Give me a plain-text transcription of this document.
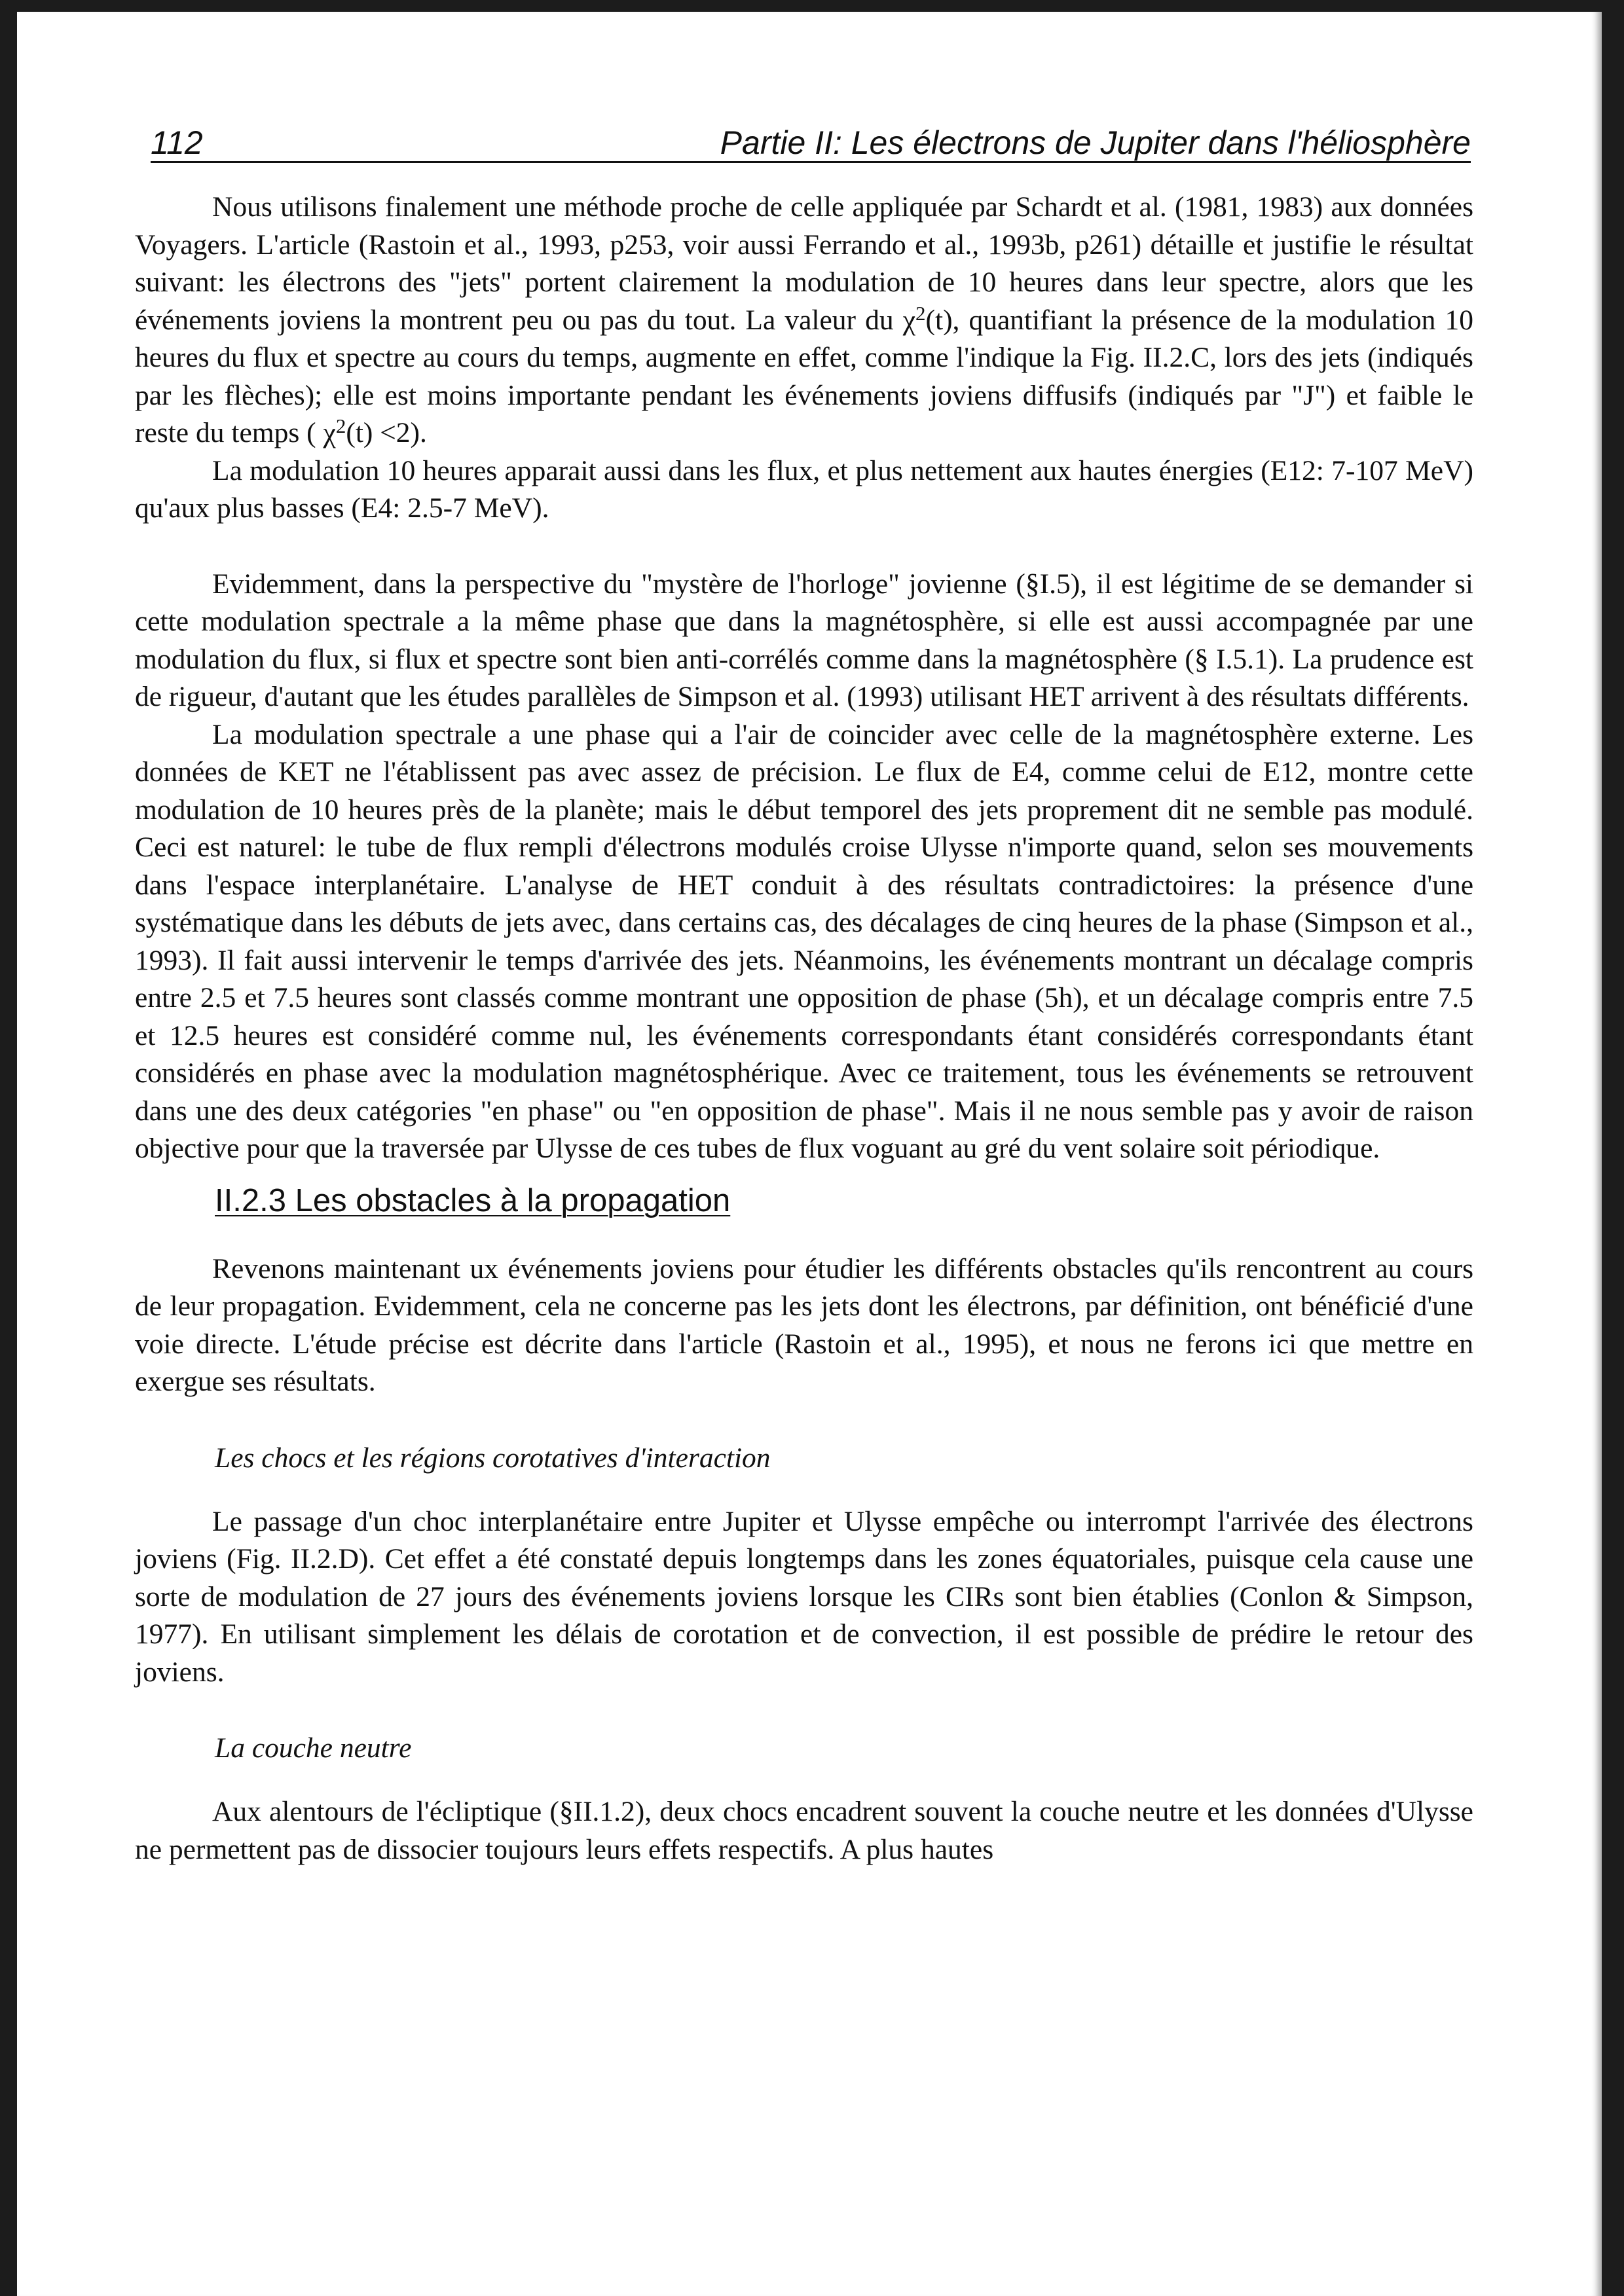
112	Partie II: Les électrons de Jupiter dans l'héliosphère

Nous utilisons finalement une méthode proche de celle appliquée par Schardt et al. (1981, 1983) aux données Voyagers. L'article (Rastoin et al., 1993, p253, voir aussi Ferrando et al., 1993b, p261) détaille et justifie le résultat suivant: les électrons des "jets" portent clairement la modulation de 10 heures dans leur spectre, alors que les événements joviens la montrent peu ou pas du tout. La valeur du $\chi^2(t)$, quantifiant la présence de la modulation 10 heures du flux et spectre au cours du temps, augmente en effet, comme l'indique la Fig. II.2.C, lors des jets (indiqués par les flèches); elle est moins importante pendant les événements joviens diffusifs (indiqués par "J") et faible le reste du temps ( $\chi^2(t) <2$).

La modulation 10 heures apparait aussi dans les flux, et plus nettement aux hautes énergies (E12: 7-107 MeV) qu'aux plus basses (E4: 2.5-7 MeV).

Evidemment, dans la perspective du "mystère de l'horloge" jovienne (§I.5), il est légitime de se demander si cette modulation spectrale a la même phase que dans la magnétosphère, si elle est aussi accompagnée par une modulation du flux, si flux et spectre sont bien anti-corrélés comme dans la magnétosphère (§ I.5.1). La prudence est de rigueur, d'autant que les études parallèles de Simpson et al. (1993) utilisant HET arrivent à des résultats différents.

La modulation spectrale a une phase qui a l'air de coincider avec celle de la magnétosphère externe. Les données de KET ne l'établissent pas avec assez de précision. Le flux de E4, comme celui de E12, montre cette modulation de 10 heures près de la planète; mais le début temporel des jets proprement dit ne semble pas modulé. Ceci est naturel: le tube de flux rempli d'électrons modulés croise Ulysse n'importe quand, selon ses mouvements dans l'espace interplanétaire. L'analyse de HET conduit à des résultats contradictoires: la présence d'une systématique dans les débuts de jets avec, dans certains cas, des décalages de cinq heures de la phase (Simpson et al., 1993). Il fait aussi intervenir le temps d'arrivée des jets. Néanmoins, les événements montrant un décalage compris entre 2.5 et 7.5 heures sont classés comme montrant une opposition de phase (5h), et un décalage compris entre 7.5 et 12.5 heures est considéré comme nul, les événements correspondants étant considérés correspondants étant considérés en phase avec la modulation magnétosphérique. Avec ce traitement, tous les événements se retrouvent dans une des deux catégories "en phase" ou "en opposition de phase". Mais il ne nous semble pas y avoir de raison objective pour que la traversée par Ulysse de ces tubes de flux voguant au gré du vent solaire soit périodique.

II.2.3 Les obstacles à la propagation

Revenons maintenant ux événements joviens pour étudier les différents obstacles qu'ils rencontrent au cours de leur propagation. Evidemment, cela ne concerne pas les jets dont les électrons, par définition, ont bénéficié d'une voie directe. L'étude précise est décrite dans l'article (Rastoin et al., 1995), et nous ne ferons ici que mettre en exergue ses résultats.

Les chocs et les régions corotatives d'interaction

Le passage d'un choc interplanétaire entre Jupiter et Ulysse empêche ou interrompt l'arrivée des électrons joviens (Fig. II.2.D). Cet effet a été constaté depuis longtemps dans les zones équatoriales, puisque cela cause une sorte de modulation de 27 jours des événements joviens lorsque les CIRs sont bien établies (Conlon & Simpson, 1977). En utilisant simplement les délais de corotation et de convection, il est possible de prédire le retour des joviens.

La couche neutre

Aux alentours de l'écliptique (§II.1.2), deux chocs encadrent souvent la couche neutre et les données d'Ulysse ne permettent pas de dissocier toujours leurs effets respectifs. A plus hautes
